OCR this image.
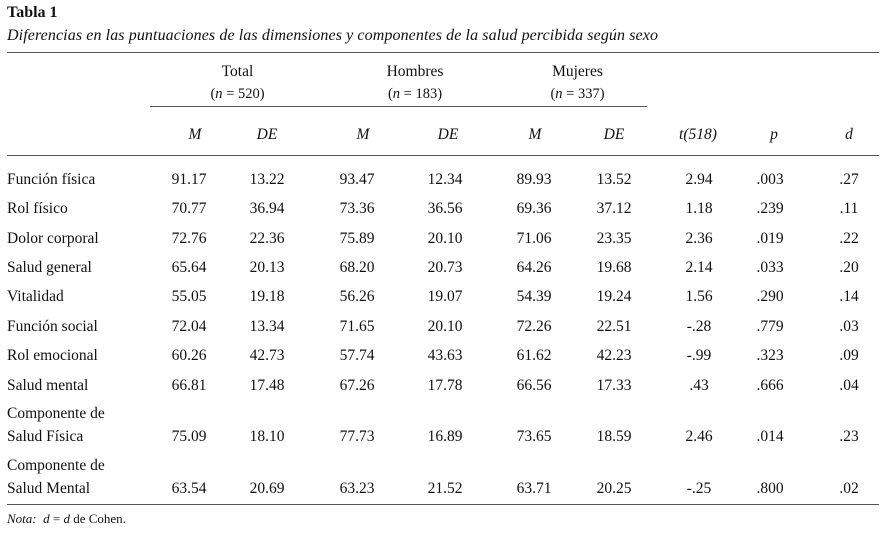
Tabla 1
Diferencias en las puntuaciones de las dimensiones y componentes de la salud percibida según sexo
Total
(n = 520)
Hombres
(n = 183)
Mujeres
(n = 337)
M	DE	M	DE	M	DE	t(518)	p	d
Función física	91.17	13.22	93.47	12.34	89.93	13.52	2.94	.003	.27
Rol físico	70.77	36.94	73.36	36.56	69.36	37.12	1.18	.239	.11
Dolor corporal	72.76	22.36	75.89	20.10	71.06	23.35	2.36	.019	.22
Salud general	65.64	20.13	68.20	20.73	64.26	19.68	2.14	.033	.20
Vitalidad	55.05	19.18	56.26	19.07	54.39	19.24	1.56	.290	.14
Función social	72.04	13.34	71.65	20.10	72.26	22.51	-.28	.779	.03
Rol emocional	60.26	42.73	57.74	43.63	61.62	42.23	-.99	.323	.09
Salud mental	66.81	17.48	67.26	17.78	66.56	17.33	.43	.666	.04
Componente de
Salud Física	75.09	18.10	77.73	16.89	73.65	18.59	2.46	.014	.23
Componente de
Salud Mental	63.54	20.69	63.23	21.52	63.71	20.25	-.25	.800	.02
Nota: d = d de Cohen.
